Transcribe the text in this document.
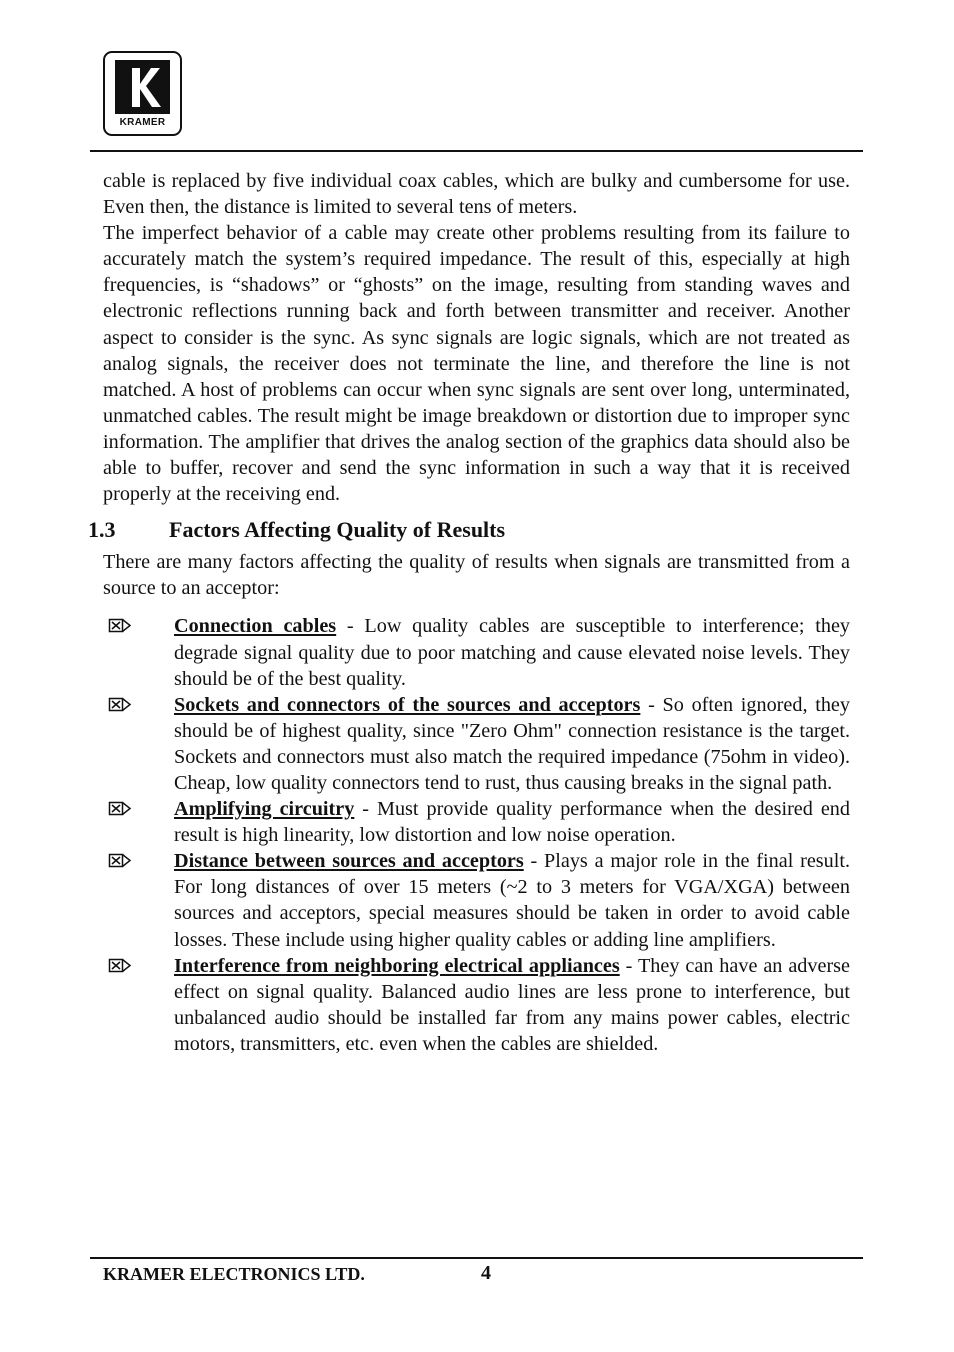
KRAMER

cable is replaced by five individual coax cables, which are bulky and cumbersome for use. Even then, the distance is limited to several tens of meters.

The imperfect behavior of a cable may create other problems resulting from its failure to accurately match the system’s required impedance. The result of this, especially at high frequencies, is “shadows” or “ghosts” on the image, resulting from standing waves and electronic reflections running back and forth between transmitter and receiver. Another aspect to consider is the sync. As sync signals are logic signals, which are not treated as analog signals, the receiver does not terminate the line, and therefore the line is not matched. A host of problems can occur when sync signals are sent over long, unterminated, unmatched cables. The result might be image breakdown or distortion due to improper sync information. The amplifier that drives the analog section of the graphics data should also be able to buffer, recover and send the sync information in such a way that it is received properly at the receiving end.

1.3	Factors Affecting Quality of Results

There are many factors affecting the quality of results when signals are transmitted from a source to an acceptor:

Connection cables - Low quality cables are susceptible to interference; they degrade signal quality due to poor matching and cause elevated noise levels. They should be of the best quality.
Sockets and connectors of the sources and acceptors - So often ignored, they should be of highest quality, since "Zero Ohm" connection resistance is the target. Sockets and connectors must also match the required impedance (75ohm in video). Cheap, low quality connectors tend to rust, thus causing breaks in the signal path.
Amplifying circuitry - Must provide quality performance when the desired end result is high linearity, low distortion and low noise operation.
Distance between sources and acceptors - Plays a major role in the final result. For long distances of over 15 meters (~2 to 3 meters for VGA/XGA) between sources and acceptors, special measures should be taken in order to avoid cable losses. These include using higher quality cables or adding line amplifiers.
Interference from neighboring electrical appliances - They can have an adverse effect on signal quality. Balanced audio lines are less prone to interference, but unbalanced audio should be installed far from any mains power cables, electric motors, transmitters, etc. even when the cables are shielded.
KRAMER ELECTRONICS LTD.	4
